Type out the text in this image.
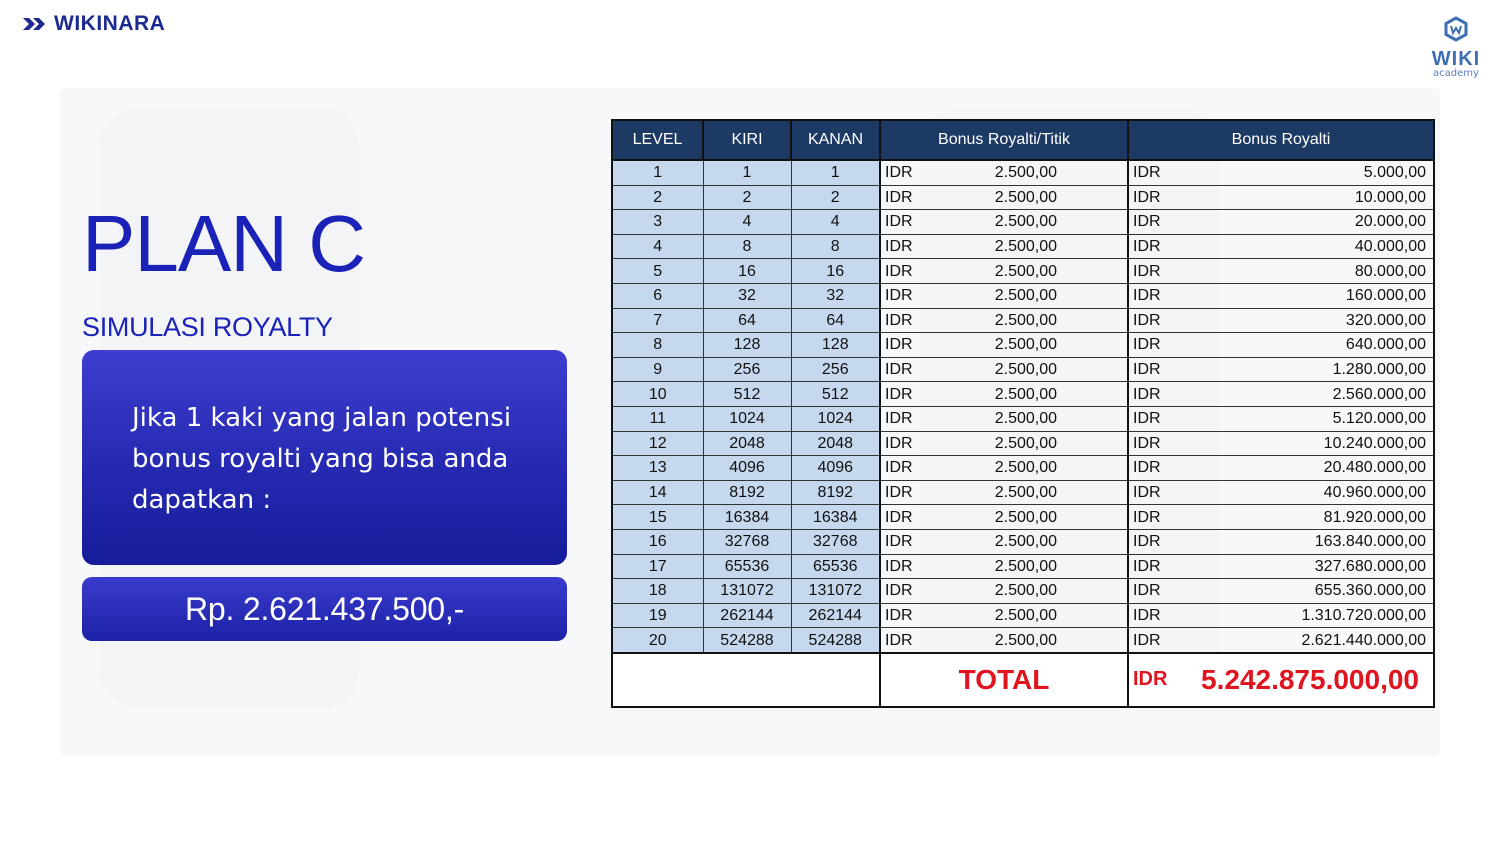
WIKINARA
WIKI
academy
PLAN C
SIMULASI ROYALTY
Jika 1 kaki yang jalan potensi bonus royalti yang bisa anda dapatkan :
Rp. 2.621.437.500,-
LEVEL	KIRI	KANAN	Bonus Royalti/Titik	Bonus Royalti
1	1	1	IDR 2.500,00	IDR 5.000,00

2	2	2	IDR 2.500,00	IDR 10.000,00

3	4	4	IDR 2.500,00	IDR 20.000,00

4	8	8	IDR 2.500,00	IDR 40.000,00

5	16	16	IDR 2.500,00	IDR 80.000,00

6	32	32	IDR 2.500,00	IDR 160.000,00

7	64	64	IDR 2.500,00	IDR 320.000,00

8	128	128	IDR 2.500,00	IDR 640.000,00

9	256	256	IDR 2.500,00	IDR 1.280.000,00

10	512	512	IDR 2.500,00	IDR 2.560.000,00

11	1024	1024	IDR 2.500,00	IDR 5.120.000,00

12	2048	2048	IDR 2.500,00	IDR 10.240.000,00

13	4096	4096	IDR 2.500,00	IDR 20.480.000,00

14	8192	8192	IDR 2.500,00	IDR 40.960.000,00

15	16384	16384	IDR 2.500,00	IDR 81.920.000,00

16	32768	32768	IDR 2.500,00	IDR 163.840.000,00

17	65536	65536	IDR 2.500,00	IDR 327.680.000,00

18	131072	131072	IDR 2.500,00	IDR 655.360.000,00

19	262144	262144	IDR 2.500,00	IDR 1.310.720.000,00

20	524288	524288	IDR 2.500,00	IDR 2.621.440.000,00

			TOTAL	IDR 5.242.875.000,00
